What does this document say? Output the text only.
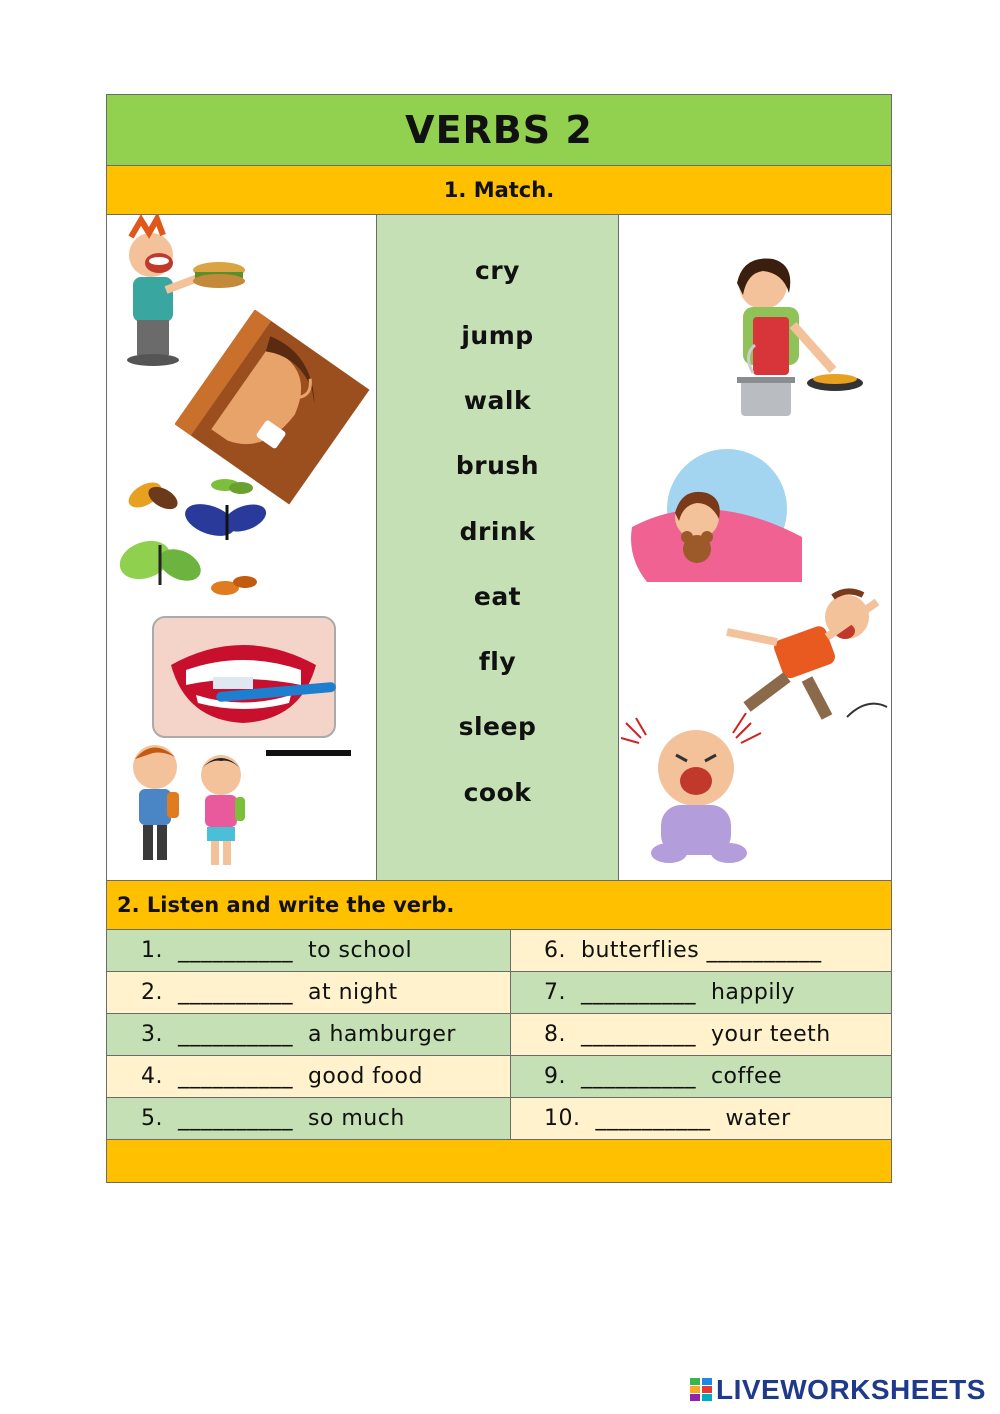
VERBS 2
1. Match.
cry
jump
walk
brush
drink
eat
fly
sleep
cook
2. Listen and write the verb.
1.  __________  to school	6.  butterflies __________
2.  __________  at night	7.  __________  happily
3.  __________  a hamburger	8.  __________  your teeth
4.  __________  good food	9.  __________  coffee
5.  __________  so much	10.  __________  water
LIVEWORKSHEETS
